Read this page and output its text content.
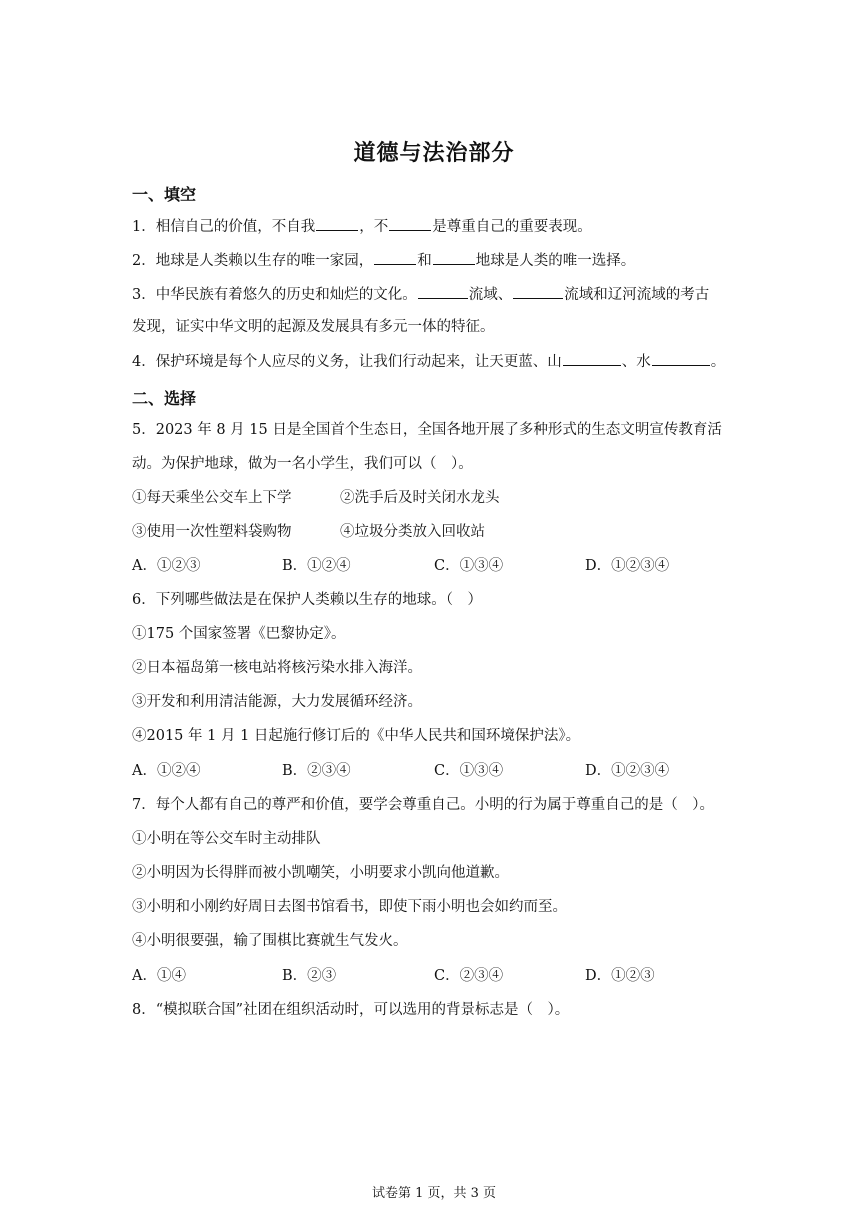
道德与法治部分
一、填空
1．相信自己的价值，不自我	，不	是尊重自己的重要表现。
2．地球是人类赖以生存的唯一家园，	和	地球是人类的唯一选择。
3．中华民族有着悠久的历史和灿烂的文化。	流域、	流域和辽河流域的考古
发现，证实中华文明的起源及发展具有多元一体的特征。
4．保护环境是每个人应尽的义务，让我们行动起来，让天更蓝、山	、水	。
二、选择
5．2023 年 8 月 15 日是全国首个生态日，全国各地开展了多种形式的生态文明宣传教育活
动。为保护地球，做为一名小学生，我们可以（　）。
①每天乘坐公交车上下学	②洗手后及时关闭水龙头
③使用一次性塑料袋购物	④垃圾分类放入回收站
A．①②③	B．①②④	C．①③④	D．①②③④
6．下列哪些做法是在保护人类赖以生存的地球。（　）
①175 个国家签署《巴黎协定》。
②日本福岛第一核电站将核污染水排入海洋。
③开发和利用清洁能源，大力发展循环经济。
④2015 年 1 月 1 日起施行修订后的《中华人民共和国环境保护法》。
A．①②④	B．②③④	C．①③④	D．①②③④
7．每个人都有自己的尊严和价值，要学会尊重自己。小明的行为属于尊重自己的是（　）。
①小明在等公交车时主动排队
②小明因为长得胖而被小凯嘲笑，小明要求小凯向他道歉。
③小明和小刚约好周日去图书馆看书，即使下雨小明也会如约而至。
④小明很要强，输了围棋比赛就生气发火。
A．①④	B．②③	C．②③④	D．①②③
8．“模拟联合国”社团在组织活动时，可以选用的背景标志是（　）。
试卷第 1 页，共 3 页
